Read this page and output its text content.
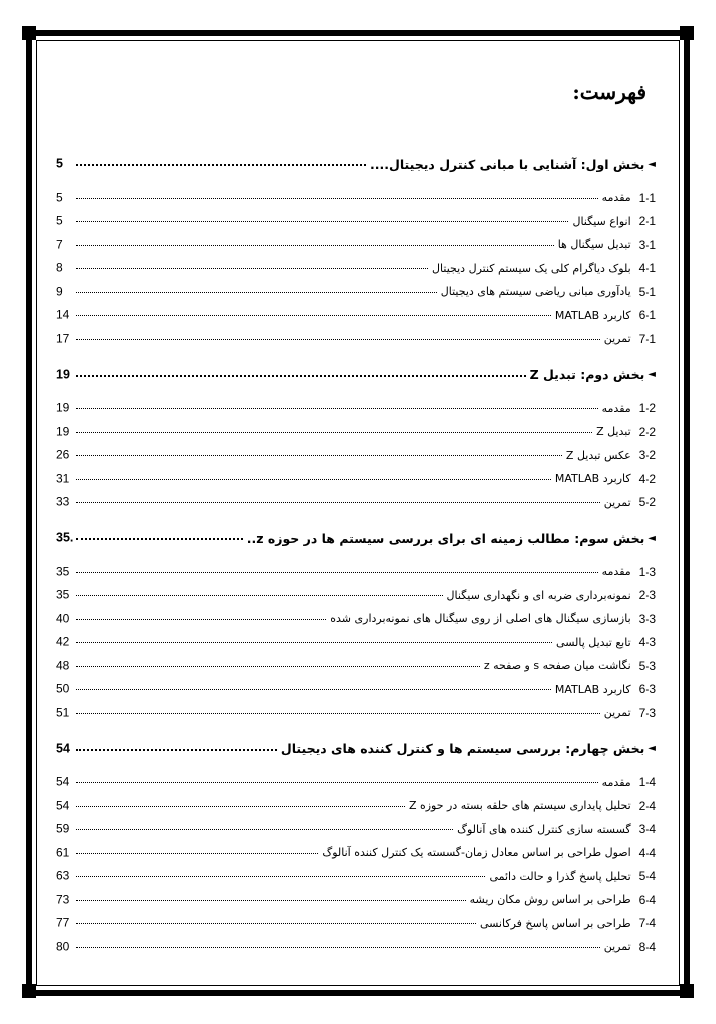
فهرست:
◄
بخش اول: آشنایی با مبانی کنترل دیجیتال....
5
1-1
مقدمه
5
2-1
انواع سیگنال
5
3-1
تبدیل سیگنال ها
7
4-1
بلوک دیاگرام کلی یک سیستم کنترل دیجیتال
8
5-1
یادآوری مبانی ریاضی سیستم های دیجیتال
9
6-1
کاربرد MATLAB
14
7-1
تمرین
17
◄
بخش دوم: تبدیل Z
19
1-2
مقدمه
19
2-2
تبدیل Z
19
3-2
عکس تبدیل Z
26
4-2
کاربرد MATLAB
31
5-2
تمرین
33
◄
بخش سوم: مطالب زمینه ای برای بررسی سیستم ها در حوزه z..
35.
1-3
مقدمه
35
2-3
نمونه‌برداری ضربه ای و نگهداری سیگنال
35
3-3
بازسازی سیگنال های اصلی از روی سیگنال های نمونه‌برداری شده
40
4-3
تابع تبدیل پالسی
42
5-3
نگاشت میان صفحه s و صفحه z
48
6-3
کاربرد MATLAB
50
7-3
تمرین
51
◄
بخش چهارم: بررسی سیستم ها و کنترل کننده های دیجیتال
54
1-4
مقدمه
54
2-4
تحلیل پایداری سیستم های حلقه بسته در حوزه Z
54
3-4
گسسته سازی کنترل کننده های آنالوگ
59
4-4
اصول طراحی بر اساس معادل زمان-گسسته یک کنترل کننده آنالوگ
61
5-4
تحلیل پاسخ گذرا و حالت دائمی
63
6-4
طراحی بر اساس روش مکان ریشه
73
7-4
طراحی بر اساس پاسخ فرکانسی
77
8-4
تمرین
80
